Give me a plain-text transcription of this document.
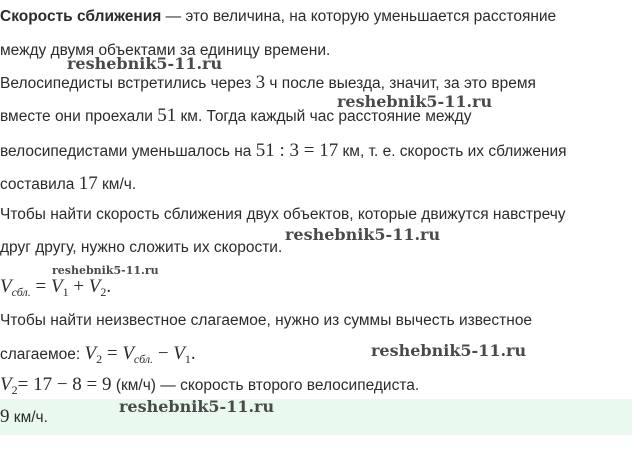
Скорость сближения — это величина, на которую уменьшается расстояние
между двумя объектами за единицу времени.
Велосипедисты встретились через 3 ч после выезда, значит, за это время
вместе они проехали 51 км. Тогда каждый час расстояние между
велосипедистами уменьшалось на 51 : 3 = 17 км, т. е. скорость их сближения
составила 17 км/ч.
Чтобы найти скорость сближения двух объектов, которые движутся навстречу
друг другу, нужно сложить их скорости.
$V_{сбл.} = V_1 + V_2$.
Чтобы найти неизвестное слагаемое, нужно из суммы вычесть известное
слагаемое: $V_2 = V_{сбл.} - V_1$.
$V_2= 17 - 8 = 9$ (км/ч) — скорость второго велосипедиста.
9 км/ч.
reshebnik5-11.ru
reshebnik5-11.ru
reshebnik5-11.ru
reshebnik5-11.ru
reshebnik5-11.ru
reshebnik5-11.ru
